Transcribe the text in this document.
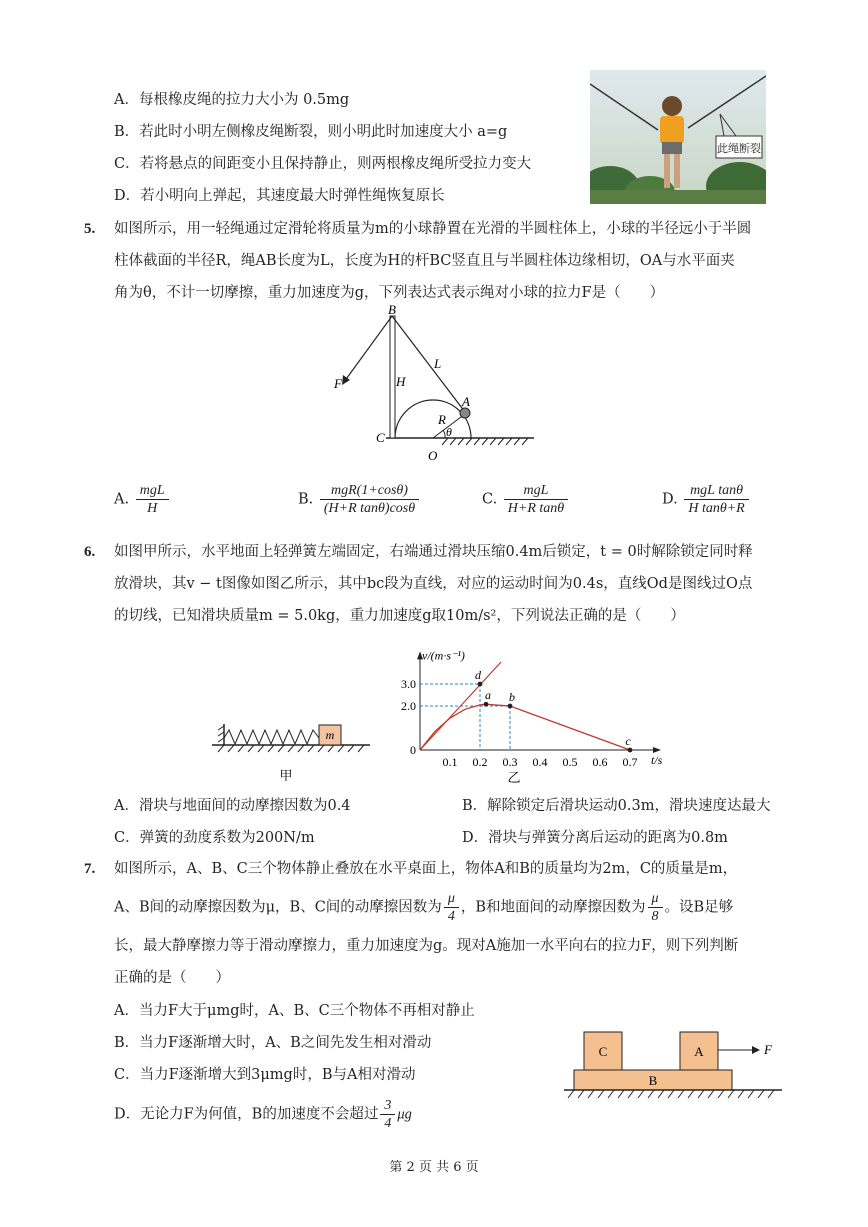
A．每根橡皮绳的拉力大小为 0.5mg
B．若此时小明左侧橡皮绳断裂，则小明此时加速度大小 a=g
C．若将悬点的间距变小且保持静止，则两根橡皮绳所受拉力变大
D．若小明向上弹起，其速度最大时弹性绳恢复原长
此绳断裂
5. 如图所示，用一轻绳通过定滑轮将质量为m的小球静置在光滑的半圆柱体上，小球的半径远小于半圆
柱体截面的半径R，绳AB长度为L，长度为H的杆BC竖直且与半圆柱体边缘相切，OA与水平面夹
角为θ，不计一切摩擦，重力加速度为g，下列表达式表示绳对小球的拉力F是（　　）
B
F	H
L
A
R
θ
C
O
A. $\frac{\text{mgL}}{H}$	B. $\frac{\text{mgR(1+cosθ)}}{\text{(H+R tanθ)cosθ}}$	C. $\frac{\text{mgL}}{\text{H+R tanθ}}$	D. $\frac{\text{mgL tanθ}}{\text{H tanθ+R}}$
6. 如图甲所示，水平地面上轻弹簧左端固定，右端通过滑块压缩0.4m后锁定，t = 0时解除锁定同时释
放滑块，其v − t图像如图乙所示，其中bc段为直线，对应的运动时间为0.4s，直线Od是图线过O点
的切线，已知滑块质量m = 5.0kg，重力加速度g取10m/s²，下列说法正确的是（　　）
m
甲
v/(m·s⁻¹)
t/s
0.1 0.2 0.3 0.4 0.5 0.6 0.7
0
2.0
3.0
d
a b
c
乙
A．滑块与地面间的动摩擦因数为0.4	B．解除锁定后滑块运动0.3m，滑块速度达最大
C．弹簧的劲度系数为200N/m	D．滑块与弹簧分离后运动的距离为0.8m
7. 如图所示，A、B、C三个物体静止叠放在水平桌面上，物体A和B的质量均为2m，C的质量是m，
A、B间的动摩擦因数为μ，B、C间的动摩擦因数为 $\frac{\mu}{4}$ ，B和地面间的动摩擦因数为 $\frac{\mu}{8}$ 。设B足够
长，最大静摩擦力等于滑动摩擦力，重力加速度为g。现对A施加一水平向右的拉力F，则下列判断
正确的是（　　）
A．当力F大于μmg时，A、B、C三个物体不再相对静止
B．当力F逐渐增大时，A、B之间先发生相对滑动
C．当力F逐渐增大到3μmg时，B与A相对滑动
D．无论力F为何值，B的加速度不会超过 $\frac{3}{4}$ μg
C	A
B
F
第 2 页 共 6 页
